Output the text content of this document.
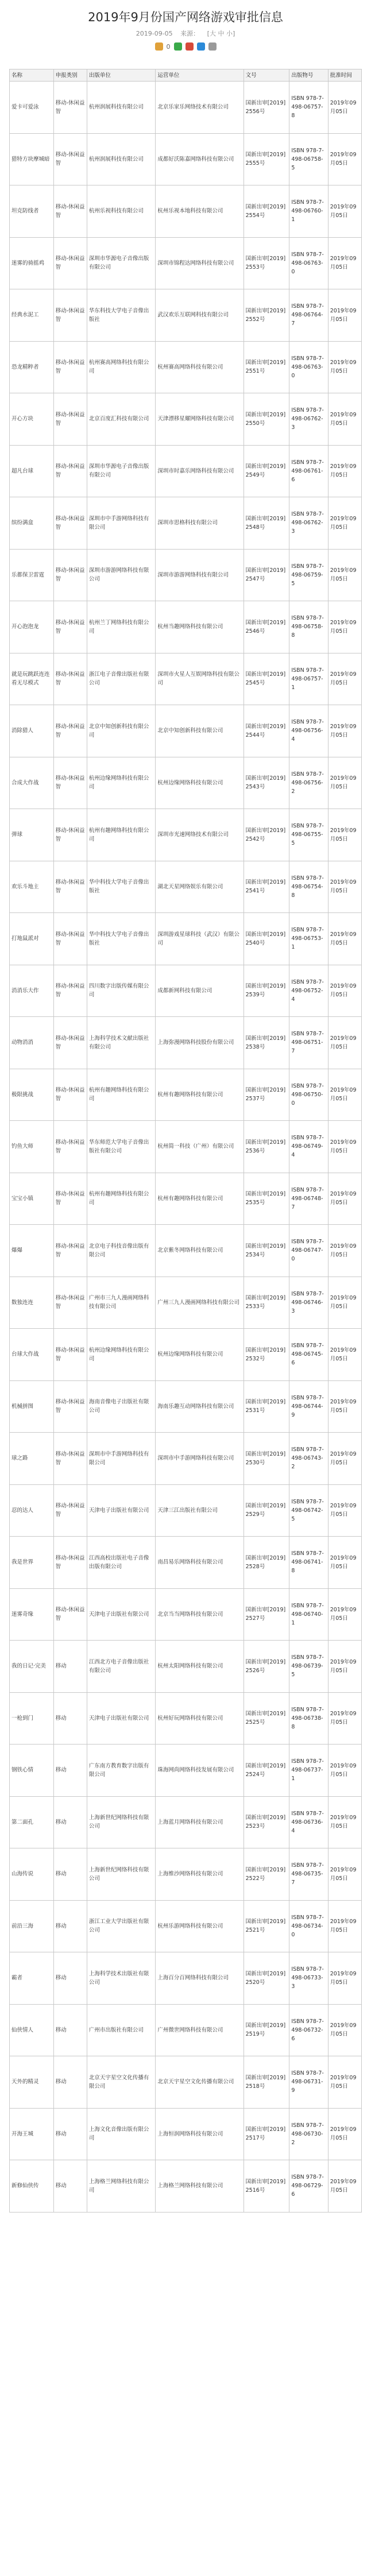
2019年9月份国产网络游戏审批信息
2019-09-05 来源： [大 中 小]
0
名称	申报类别	出版单位	运营单位	文号	出版物号	批准时间
爱卡可爱泳	移动-休闲益智	杭州润展科技有限公司	北京乐家乐网络技术有限公司	国新出审[2019]2556号	ISBN 978-7-498-06757-8	2019年09月05日
猎特方块摩城暗	移动-休闲益智	杭州润展科技有限公司	成都好沃陈嘉网络科技有限公司	国新出审[2019]2555号	ISBN 978-7-498-06758-5	2019年09月05日
坦克防线者	移动-休闲益智	杭州乐视科技有限公司	杭州乐视本地科技有限公司	国新出审[2019]2554号	ISBN 978-7-498-06760-1	2019年09月05日
迷雾的骑摇鸡	移动-休闲益智	深圳市华源电子音像出版有限公司	深圳市锦程达网络科技有限公司	国新出审[2019]2553号	ISBN 978-7-498-06763-0	2019年09月05日
经典水泥工	移动-休闲益智	华东科技大学电子音像出版社	武汉欢乐互联网科技有限公司	国新出审[2019]2552号	ISBN 978-7-498-06764-7	2019年09月05日
恐龙精粹者	移动-休闲益智	杭州赛高网络科技有限公司	杭州赛高网络科技有限公司	国新出审[2019]2551号	ISBN 978-7-498-06763-0	2019年09月05日
开心方块	移动-休闲益智	北京百度汇科技有限公司	天津漂移星耀网络科技有限公司	国新出审[2019]2550号	ISBN 978-7-498-06762-3	2019年09月05日
超凡台球	移动-休闲益智	深圳市华源电子音像出版有限公司	深圳市时嘉乐网络科技有限公司	国新出审[2019]2549号	ISBN 978-7-498-06761-6	2019年09月05日
缤纷满盒	移动-休闲益智	深圳市中手游网络科技有限公司	深圳市思格科技有限公司	国新出审[2019]2548号	ISBN 978-7-498-06762-3	2019年09月05日
乐都保卫雷霆	移动-休闲益智	深圳市游游网络科技有限公司	深圳市游游网络科技有限公司	国新出审[2019]2547号	ISBN 978-7-498-06759-5	2019年09月05日
开心泡泡龙	移动-休闲益智	杭州兰丁网络科技有限公司	杭州当趣网络科技有限公司	国新出审[2019]2546号	ISBN 978-7-498-06758-8	2019年09月05日
就是玩跳跃连连看无尽模式	移动-休闲益智	浙江电子音像出版社有限公司	深圳市火星人互娱网络科技有限公司	国新出审[2019]2545号	ISBN 978-7-498-06757-1	2019年09月05日
消除猎人	移动-休闲益智	北京中知创新科技有限公司	北京中知创新科技有限公司	国新出审[2019]2544号	ISBN 978-7-498-06756-4	2019年09月05日
合成大作战	移动-休闲益智	杭州边缘网络科技有限公司	杭州边缘网络科技有限公司	国新出审[2019]2543号	ISBN 978-7-498-06756-2	2019年09月05日
弹球	移动-休闲益智	杭州有趣网络科技有限公司	深圳市光速网络技术有限公司	国新出审[2019]2542号	ISBN 978-7-498-06755-5	2019年09月05日
欢乐斗地主	移动-休闲益智	华中科技大学电子音像出版社	湖北天星网络娱乐有限公司	国新出审[2019]2541号	ISBN 978-7-498-06754-8	2019年09月05日
打地鼠派对	移动-休闲益智	华中科技大学电子音像出版社	深圳游戏星球科技（武汉）有限公司	国新出审[2019]2540号	ISBN 978-7-498-06753-1	2019年09月05日
消消乐大作	移动-休闲益智	四川数字出版传媒有限公司	成都新网科技有限公司	国新出审[2019]2539号	ISBN 978-7-498-06752-4	2019年09月05日
动物消消	移动-休闲益智	上海科学技术文献出版社有限公司	上海弥漫网络科技股份有限公司	国新出审[2019]2538号	ISBN 978-7-498-06751-7	2019年09月05日
极限挑战	移动-休闲益智	杭州有趣网络科技有限公司	杭州有趣网络科技有限公司	国新出审[2019]2537号	ISBN 978-7-498-06750-0	2019年09月05日
钓鱼大师	移动-休闲益智	华东师范大学电子音像出版社有限公司	杭州简一科技（广州）有限公司	国新出审[2019]2536号	ISBN 978-7-498-06749-4	2019年09月05日
宝宝小镇	移动-休闲益智	杭州有趣网络科技有限公司	杭州有趣网络科技有限公司	国新出审[2019]2535号	ISBN 978-7-498-06748-7	2019年09月05日
爆爆	移动-休闲益智	北京电子科技音像出版有限公司	北京紫冬网络科技有限公司	国新出审[2019]2534号	ISBN 978-7-498-06747-0	2019年09月05日
数独连连	移动-休闲益智	广州市三九人漫画网络科技有限公司	广州三九人漫画网络科技有限公司	国新出审[2019]2533号	ISBN 978-7-498-06746-3	2019年09月05日
台球大作战	移动-休闲益智	杭州边缘网络科技有限公司	杭州边缘网络科技有限公司	国新出审[2019]2532号	ISBN 978-7-498-06745-6	2019年09月05日
机械拼图	移动-休闲益智	海南音像电子出版社有限公司	海南乐趣互动网络科技有限公司	国新出审[2019]2531号	ISBN 978-7-498-06744-9	2019年09月05日
球之路	移动-休闲益智	深圳市中手游网络科技有限公司	深圳市中手游网络科技有限公司	国新出审[2019]2530号	ISBN 978-7-498-06743-2	2019年09月05日
忍的达人	移动-休闲益智	天津电子出版社有限公司	天津三江出版社有限公司	国新出审[2019]2529号	ISBN 978-7-498-06742-5	2019年09月05日
我是世界	移动-休闲益智	江西高校出版社电子音像出版有限公司	南昌易乐网络科技有限公司	国新出审[2019]2528号	ISBN 978-7-498-06741-8	2019年09月05日
迷雾奇缘	移动-休闲益智	天津电子出版社有限公司	北京当当网络科技有限公司	国新出审[2019]2527号	ISBN 978-7-498-06740-1	2019年09月05日
我的日记·完美	移动	江西北方电子音像出版社有限公司	杭州太阳网络科技有限公司	国新出审[2019]2526号	ISBN 978-7-498-06739-5	2019年09月05日
一枪到门	移动	天津电子出版社有限公司	杭州好玩网络科技有限公司	国新出审[2019]2525号	ISBN 978-7-498-06738-8	2019年09月05日
钢铁心情	移动	广东南方教育数字出版有限公司	珠海网尚网络科技发展有限公司	国新出审[2019]2524号	ISBN 978-7-498-06737-1	2019年09月05日
第二面孔	移动	上海新世纪网络科技有限公司	上海蓝月网络科技有限公司	国新出审[2019]2523号	ISBN 978-7-498-06736-4	2019年09月05日
山海传说	移动	上海新世纪网络科技有限公司	上海维沙网络科技有限公司	国新出审[2019]2522号	ISBN 978-7-498-06735-7	2019年09月05日
前沿三海	移动	浙江工业大学出版社有限公司	杭州乐游网络科技有限公司	国新出审[2019]2521号	ISBN 978-7-498-06734-0	2019年09月05日
霸者	移动	上海科学技术出版社有限公司	上海百分百网络科技有限公司	国新出审[2019]2520号	ISBN 978-7-498-06733-3	2019年09月05日
仙侠情人	移动	广州市出版社有限公司	广州微世网络科技有限公司	国新出审[2019]2519号	ISBN 978-7-498-06732-6	2019年09月05日
天外的精灵	移动	北京天宇星空文化传播有限公司	北京天宇星空文化传播有限公司	国新出审[2019]2518号	ISBN 978-7-498-06731-9	2019年09月05日
开海王城	移动	上海文化音像出版有限公司	上海恒润网络科技有限公司	国新出审[2019]2517号	ISBN 978-7-498-06730-2	2019年09月05日
新修仙侠传	移动	上海格兰网络科技有限公司	上海格兰网络科技有限公司	国新出审[2019]2516号	ISBN 978-7-498-06729-6	2019年09月05日
